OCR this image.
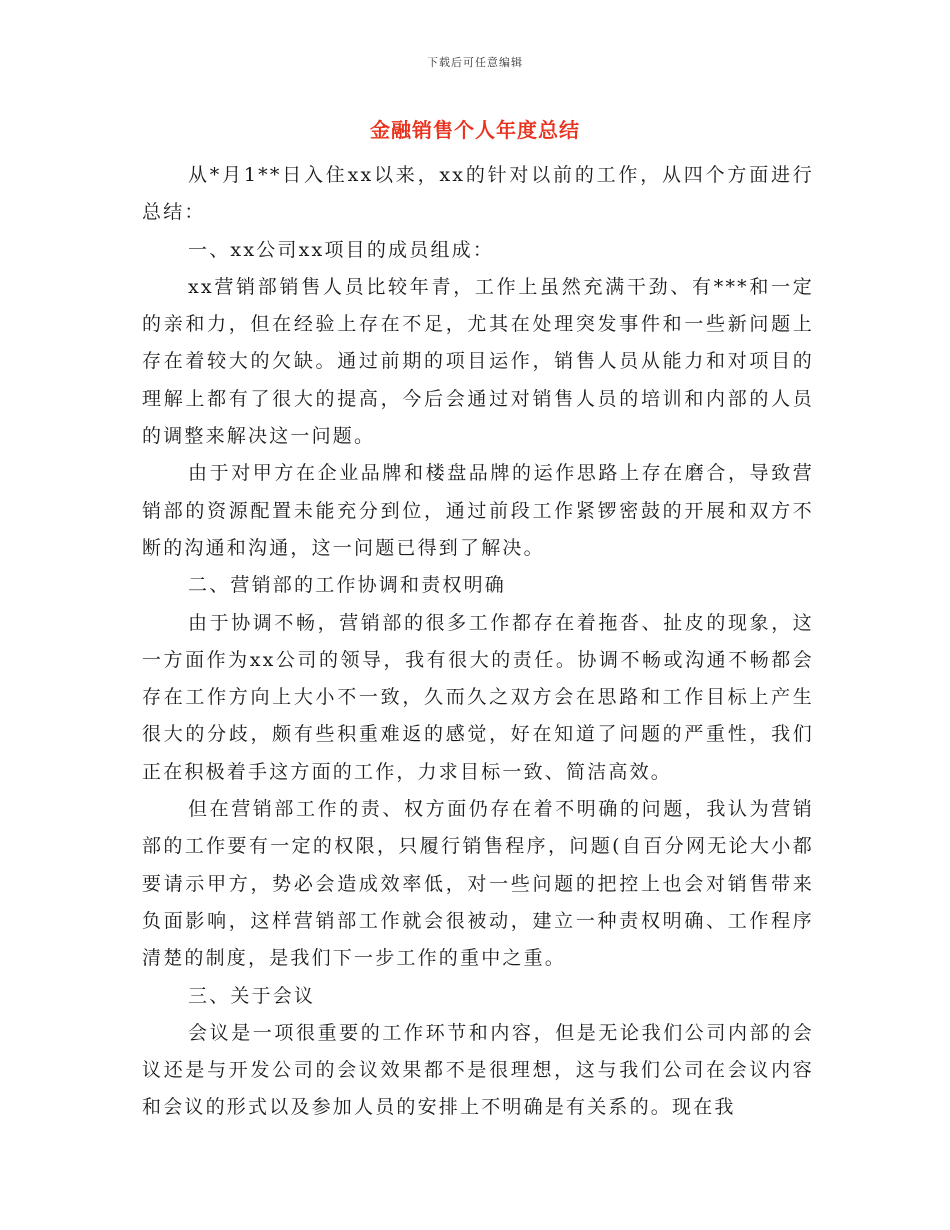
下载后可任意编辑
金融销售个人年度总结

从*月1**日入住xx以来，xx的针对以前的工作，从四个方面进行总结：

一、xx公司xx项目的成员组成：

xx营销部销售人员比较年青，工作上虽然充满干劲、有***和一定的亲和力，但在经验上存在不足，尤其在处理突发事件和一些新问题上存在着较大的欠缺。通过前期的项目运作，销售人员从能力和对项目的理解上都有了很大的提高，今后会通过对销售人员的培训和内部的人员的调整来解决这一问题。

由于对甲方在企业品牌和楼盘品牌的运作思路上存在磨合，导致营销部的资源配置未能充分到位，通过前段工作紧锣密鼓的开展和双方不断的沟通和沟通，这一问题已得到了解决。

二、营销部的工作协调和责权明确

由于协调不畅，营销部的很多工作都存在着拖沓、扯皮的现象，这一方面作为xx公司的领导，我有很大的责任。协调不畅或沟通不畅都会存在工作方向上大小不一致，久而久之双方会在思路和工作目标上产生很大的分歧，颇有些积重难返的感觉，好在知道了问题的严重性，我们正在积极着手这方面的工作，力求目标一致、简洁高效。

但在营销部工作的责、权方面仍存在着不明确的问题，我认为营销部的工作要有一定的权限，只履行销售程序，问题(自百分网无论大小都要请示甲方，势必会造成效率低，对一些问题的把控上也会对销售带来负面影响，这样营销部工作就会很被动，建立一种责权明确、工作程序清楚的制度，是我们下一步工作的重中之重。

三、关于会议

会议是一项很重要的工作环节和内容，但是无论我们公司内部的会议还是与开发公司的会议效果都不是很理想，这与我们公司在会议内容和会议的形式以及参加人员的安排上不明确是有关系的。现在我
